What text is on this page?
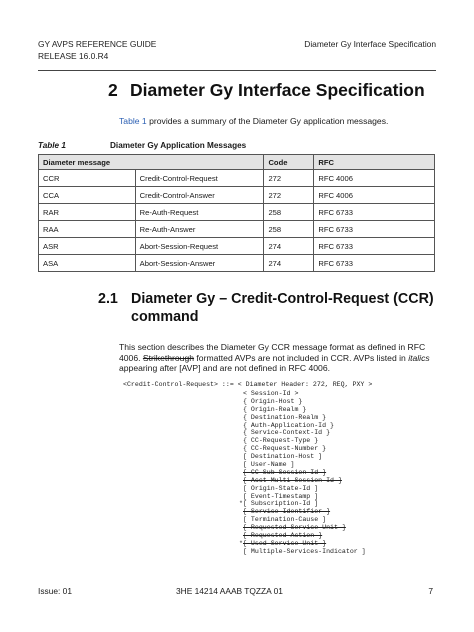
GY AVPS REFERENCE GUIDE
RELEASE 16.0.R4
Diameter Gy Interface Specification
2 Diameter Gy Interface Specification
Table 1 provides a summary of the Diameter Gy application messages.
Table 1	Diameter Gy Application Messages
Diameter message		Code	RFC
CCR	Credit-Control-Request	272	RFC 4006
CCA	Credit-Control-Answer	272	RFC 4006
RAR	Re-Auth-Request	258	RFC 6733
RAA	Re-Auth-Answer	258	RFC 6733
ASR	Abort-Session-Request	274	RFC 6733
ASA	Abort-Session-Answer	274	RFC 6733
2.1 Diameter Gy – Credit-Control-Request (CCR)
command
This section describes the Diameter Gy CCR message format as defined in RFC 4006. Strikethrough formatted AVPs are not included in CCR. AVPs listed in italics appearing after [AVP] and are not defined in RFC 4006.
<Credit-Control-Request> ::= < Diameter Header: 272, REQ, PXY >
< Session-Id >
{ Origin-Host }
{ Origin-Realm }
{ Destination-Realm }
{ Auth-Application-Id }
{ Service-Context-Id }
{ CC-Request-Type }
{ CC-Request-Number }
[ Destination-Host ]
[ User-Name ]
[ CC-Sub-Session-Id ]
[ Acct-Multi-Session-Id ]
[ Origin-State-Id ]
[ Event-Timestamp ]
*[ Subscription-Id ]
[ Service-Identifier ]
[ Termination-Cause ]
[ Requested-Service-Unit ]
[ Requested-Action ]
*[ Used-Service-Unit ]
[ Multiple-Services-Indicator ]
Issue: 01	3HE 14214 AAAB TQZZA 01	7
